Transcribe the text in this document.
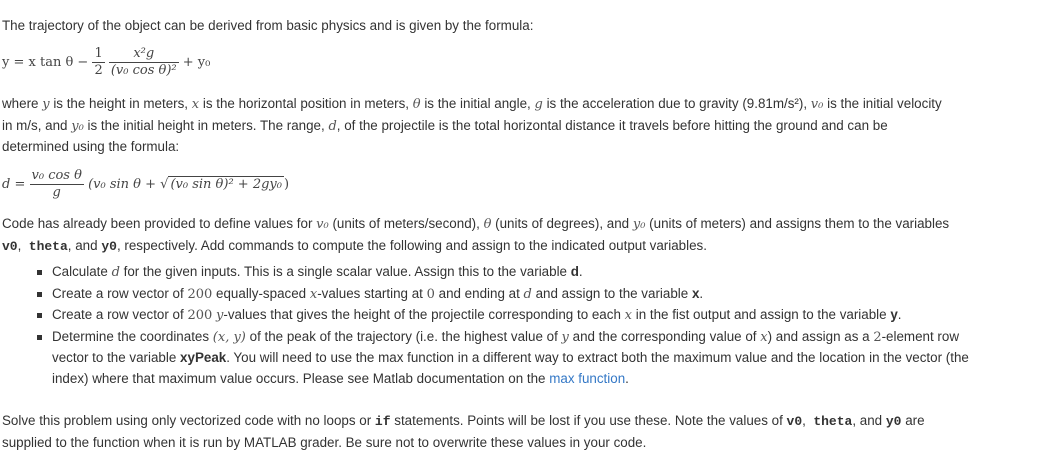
The trajectory of the object can be derived from basic physics and is given by the formula:
y = x $\tan \theta - \frac{1}{2}$
$\frac{\text{x²g}}{\text{(v₀ cos θ)²}} + y_0$
where y is the height in meters, x is the horizontal position in meters, θ is the initial angle, g is the acceleration due to gravity (9.81m/s²), v₀ is the initial velocity
in m/s, and y₀ is the initial height in meters. The range, d, of the projectile is the total horizontal distance it travels before hitting the ground and can be
determined using the formula:
$d = \frac{\text{v₀ cos θ}}{g} (v_0$ sin θ + √ (v₀ sin θ)² + 2gy₀ )
Code has already been provided to define values for v₀ (units of meters/second), θ (units of degrees), and y₀ (units of meters) and assigns them to the variables
v0,  theta, and y0, respectively. Add commands to compute the following and assign to the indicated output variables.
Calculate d for the given inputs. This is a single scalar value. Assign this to the variable d.
Create a row vector of 200 equally-spaced x-values starting at 0 and ending at d and assign to the variable x.
Create a row vector of 200 y-values that gives the height of the projectile corresponding to each x in the fist output and assign to the variable y.
Determine the coordinates (x, y) of the peak of the trajectory (i.e. the highest value of y and the corresponding value of x) and assign as a 2-element row
vector to the variable xyPeak. You will need to use the max function in a different way to extract both the maximum value and the location in the vector (the
index) where that maximum value occurs. Please see Matlab documentation on the max function.
Solve this problem using only vectorized code with no loops or if statements. Points will be lost if you use these. Note the values of v0, theta, and y0 are
supplied to the function when it is run by MATLAB grader. Be sure not to overwrite these values in your code.
